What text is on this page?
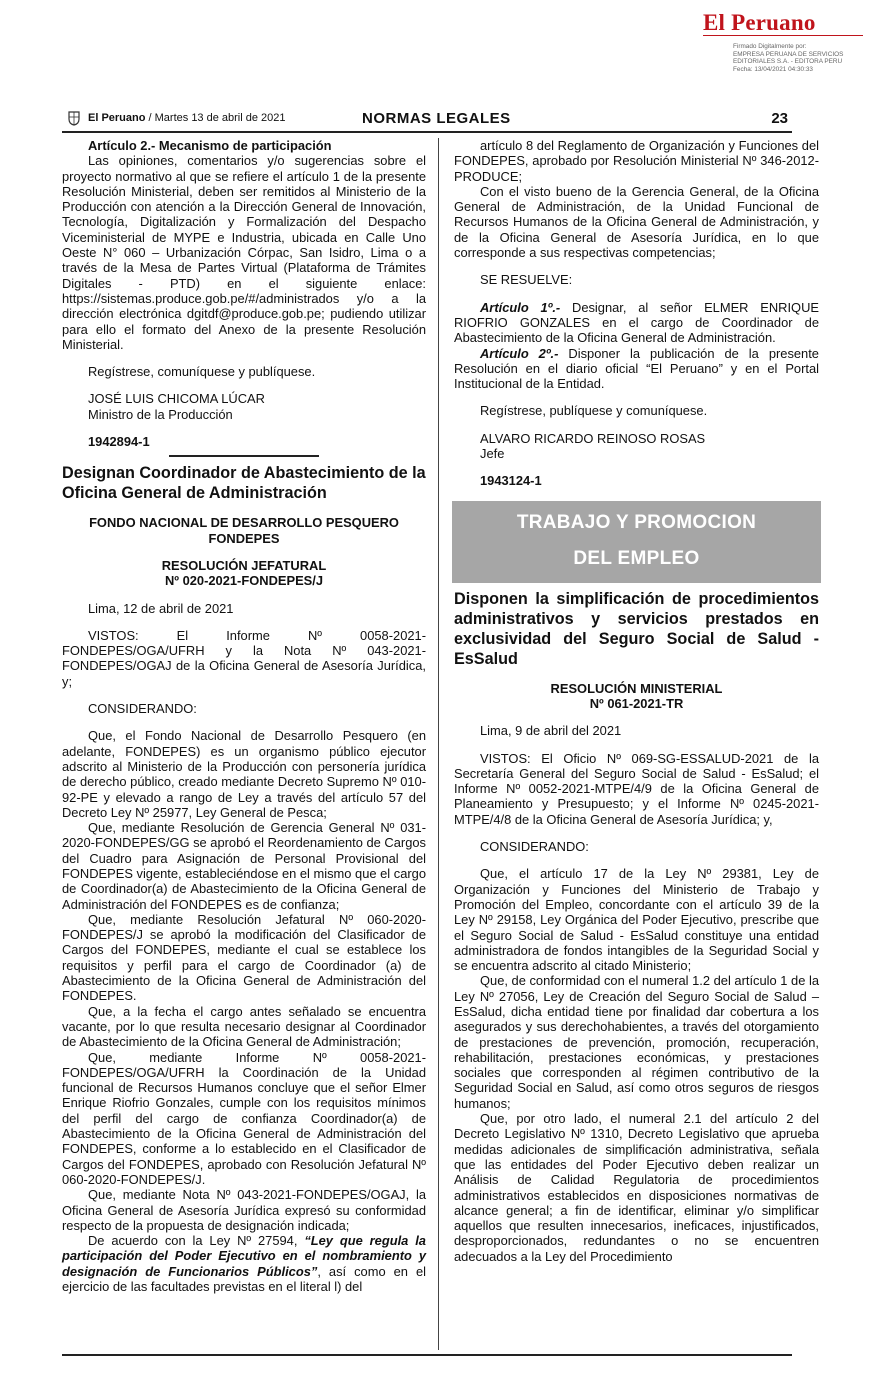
El Peruano
Firmado Digitalmente por:
EMPRESA PERUANA DE SERVICIOS
EDITORIALES S.A. - EDITORA PERU
Fecha: 13/04/2021 04:30:33
El Peruano / Martes 13 de abril de 2021	NORMAS LEGALES	23

Artículo 2.- Mecanismo de participación

Las opiniones, comentarios y/o sugerencias sobre el proyecto normativo al que se refiere el artículo 1 de la presente Resolución Ministerial, deben ser remitidos al Ministerio de la Producción con atención a la Dirección General de Innovación, Tecnología, Digitalización y Formalización del Despacho Viceministerial de MYPE e Industria, ubicada en Calle Uno Oeste N° 060 – Urbanización Córpac, San Isidro, Lima o a través de la Mesa de Partes Virtual (Plataforma de Trámites Digitales - PTD) en el siguiente enlace: https://sistemas.produce.gob.pe/#/administrados y/o a la dirección electrónica dgitdf@produce.gob.pe; pudiendo utilizar para ello el formato del Anexo de la presente Resolución Ministerial.

Regístrese, comuníquese y publíquese.

JOSÉ LUIS CHICOMA LÚCAR

Ministro de la Producción

1942894-1

Designan Coordinador de Abastecimiento de la Oficina General de Administración

FONDO NACIONAL DE DESARROLLO PESQUERO

FONDEPES

RESOLUCIÓN JEFATURAL

Nº 020-2021-FONDEPES/J

Lima, 12 de abril de 2021

VISTOS: El Informe Nº 0058-2021-FONDEPES/OGA/UFRH y la Nota Nº 043-2021-FONDEPES/OGAJ de la Oficina General de Asesoría Jurídica, y;

CONSIDERANDO:

Que, el Fondo Nacional de Desarrollo Pesquero (en adelante, FONDEPES) es un organismo público ejecutor adscrito al Ministerio de la Producción con personería jurídica de derecho público, creado mediante Decreto Supremo Nº 010-92-PE y elevado a rango de Ley a través del artículo 57 del Decreto Ley Nº 25977, Ley General de Pesca;

Que, mediante Resolución de Gerencia General Nº 031-2020-FONDEPES/GG se aprobó el Reordenamiento de Cargos del Cuadro para Asignación de Personal Provisional del FONDEPES vigente, estableciéndose en el mismo que el cargo de Coordinador(a) de Abastecimiento de la Oficina General de Administración del FONDEPES es de confianza;

Que, mediante Resolución Jefatural Nº 060-2020-FONDEPES/J se aprobó la modificación del Clasificador de Cargos del FONDEPES, mediante el cual se establece los requisitos y perfil para el cargo de Coordinador (a) de Abastecimiento de la Oficina General de Administración del FONDEPES.

Que, a la fecha el cargo antes señalado se encuentra vacante, por lo que resulta necesario designar al Coordinador de Abastecimiento de la Oficina General de Administración;

Que, mediante Informe Nº 0058-2021-FONDEPES/OGA/UFRH la Coordinación de la Unidad funcional de Recursos Humanos concluye que el señor Elmer Enrique Riofrio Gonzales, cumple con los requisitos mínimos del perfil del cargo de confianza Coordinador(a) de Abastecimiento de la Oficina General de Administración del FONDEPES, conforme a lo establecido en el Clasificador de Cargos del FONDEPES, aprobado con Resolución Jefatural Nº 060-2020-FONDEPES/J.

Que, mediante Nota Nº 043-2021-FONDEPES/OGAJ, la Oficina General de Asesoría Jurídica expresó su conformidad respecto de la propuesta de designación indicada;

De acuerdo con la Ley Nº 27594, “Ley que regula la participación del Poder Ejecutivo en el nombramiento y designación de Funcionarios Públicos”, así como en el ejercicio de las facultades previstas en el literal l) del

artículo 8 del Reglamento de Organización y Funciones del FONDEPES, aprobado por Resolución Ministerial Nº 346-2012-PRODUCE;

Con el visto bueno de la Gerencia General, de la Oficina General de Administración, de la Unidad Funcional de Recursos Humanos de la Oficina General de Administración, y de la Oficina General de Asesoría Jurídica, en lo que corresponde a sus respectivas competencias;

SE RESUELVE:

Artículo 1º.- Designar, al señor ELMER ENRIQUE RIOFRIO GONZALES en el cargo de Coordinador de Abastecimiento de la Oficina General de Administración.

Artículo 2º.- Disponer la publicación de la presente Resolución en el diario oficial “El Peruano” y en el Portal Institucional de la Entidad.

Regístrese, publíquese y comuníquese.

ALVARO RICARDO REINOSO ROSAS

Jefe

1943124-1

TRABAJO Y PROMOCION
DEL EMPLEO

Disponen la simplificación de procedimientos administrativos y servicios prestados en exclusividad del Seguro Social de Salud - EsSalud

RESOLUCIÓN MINISTERIAL

Nº 061-2021-TR

Lima, 9 de abril del 2021

VISTOS: El Oficio Nº 069-SG-ESSALUD-2021 de la Secretaría General del Seguro Social de Salud - EsSalud; el Informe Nº 0052-2021-MTPE/4/9 de la Oficina General de Planeamiento y Presupuesto; y el Informe Nº 0245-2021-MTPE/4/8 de la Oficina General de Asesoría Jurídica; y,

CONSIDERANDO:

Que, el artículo 17 de la Ley Nº 29381, Ley de Organización y Funciones del Ministerio de Trabajo y Promoción del Empleo, concordante con el artículo 39 de la Ley Nº 29158, Ley Orgánica del Poder Ejecutivo, prescribe que el Seguro Social de Salud - EsSalud constituye una entidad administradora de fondos intangibles de la Seguridad Social y se encuentra adscrito al citado Ministerio;

Que, de conformidad con el numeral 1.2 del artículo 1 de la Ley Nº 27056, Ley de Creación del Seguro Social de Salud – EsSalud, dicha entidad tiene por finalidad dar cobertura a los asegurados y sus derechohabientes, a través del otorgamiento de prestaciones de prevención, promoción, recuperación, rehabilitación, prestaciones económicas, y prestaciones sociales que corresponden al régimen contributivo de la Seguridad Social en Salud, así como otros seguros de riesgos humanos;

Que, por otro lado, el numeral 2.1 del artículo 2 del Decreto Legislativo Nº 1310, Decreto Legislativo que aprueba medidas adicionales de simplificación administrativa, señala que las entidades del Poder Ejecutivo deben realizar un Análisis de Calidad Regulatoria de procedimientos administrativos establecidos en disposiciones normativas de alcance general; a fin de identificar, eliminar y/o simplificar aquellos que resulten innecesarios, ineficaces, injustificados, desproporcionados, redundantes o no se encuentren adecuados a la Ley del Procedimiento
